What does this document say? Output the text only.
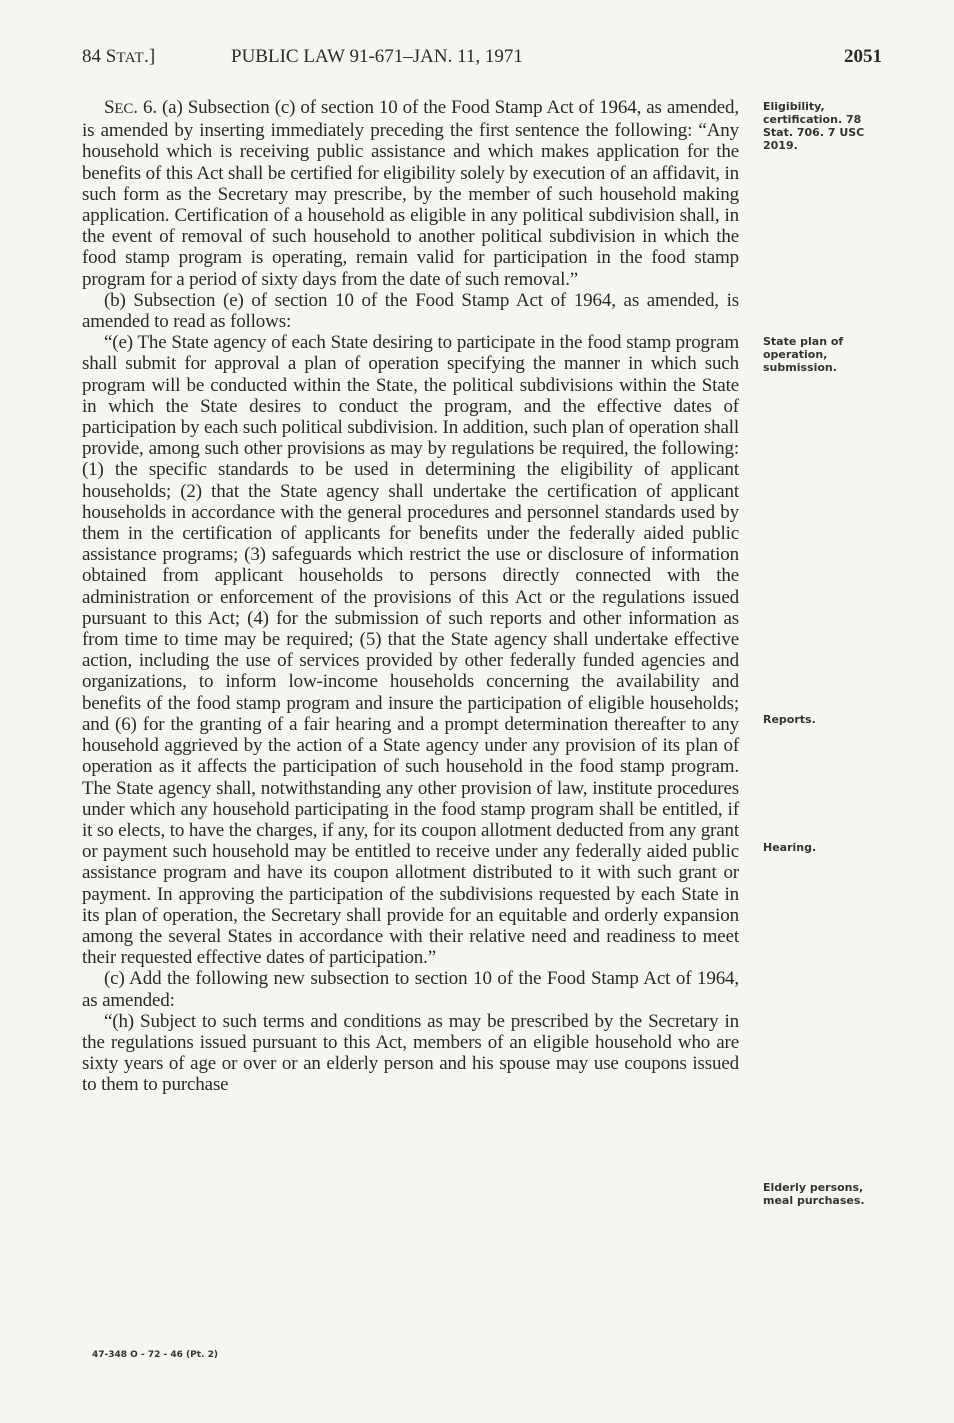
84 STAT.]	PUBLIC LAW 91-671–JAN. 11, 1971	2051

SEC. 6. (a) Subsection (c) of section 10 of the Food Stamp Act of 1964, as amended, is amended by inserting immediately preceding the first sentence the following: “Any household which is receiving public assistance and which makes application for the benefits of this Act shall be certified for eligibility solely by execution of an affidavit, in such form as the Secretary may prescribe, by the member of such household making application. Certification of a household as eligible in any political subdivision shall, in the event of removal of such household to another political subdivision in which the food stamp program is operating, remain valid for participation in the food stamp program for a period of sixty days from the date of such removal.”

(b) Subsection (e) of section 10 of the Food Stamp Act of 1964, as amended, is amended to read as follows:

“(e) The State agency of each State desiring to participate in the food stamp program shall submit for approval a plan of operation specifying the manner in which such program will be conducted within the State, the political subdivisions within the State in which the State desires to conduct the program, and the effective dates of participation by each such political subdivision. In addition, such plan of operation shall provide, among such other provisions as may by regulations be required, the following: (1) the specific standards to be used in determining the eligibility of applicant households; (2) that the State agency shall undertake the certification of applicant households in accordance with the general procedures and personnel standards used by them in the certification of applicants for benefits under the federally aided public assistance programs; (3) safeguards which restrict the use or disclosure of information obtained from applicant households to persons directly connected with the administration or enforcement of the provisions of this Act or the regulations issued pursuant to this Act; (4) for the submission of such reports and other information as from time to time may be required; (5) that the State agency shall undertake effective action, including the use of services provided by other federally funded agencies and organizations, to inform low-income households concerning the availability and benefits of the food stamp program and insure the participation of eligible households; and (6) for the granting of a fair hearing and a prompt determination thereafter to any household aggrieved by the action of a State agency under any provision of its plan of operation as it affects the participation of such household in the food stamp program. The State agency shall, notwithstanding any other provision of law, institute procedures under which any household participating in the food stamp program shall be entitled, if it so elects, to have the charges, if any, for its coupon allotment deducted from any grant or payment such household may be entitled to receive under any federally aided public assistance program and have its coupon allotment distributed to it with such grant or payment. In approving the participation of the subdivisions requested by each State in its plan of operation, the Secretary shall provide for an equitable and orderly expansion among the several States in accordance with their relative need and readiness to meet their requested effective dates of participation.”

(c) Add the following new subsection to section 10 of the Food Stamp Act of 1964, as amended:

“(h) Subject to such terms and conditions as may be prescribed by the Secretary in the regulations issued pursuant to this Act, members of an eligible household who are sixty years of age or over or an elderly person and his spouse may use coupons issued to them to purchase

Eligibility, certification. 78 Stat. 706. 7 USC 2019.
State plan of operation, submission.
Reports.
Hearing.
Elderly persons, meal purchases.
47-348 O - 72 - 46 (Pt. 2)
